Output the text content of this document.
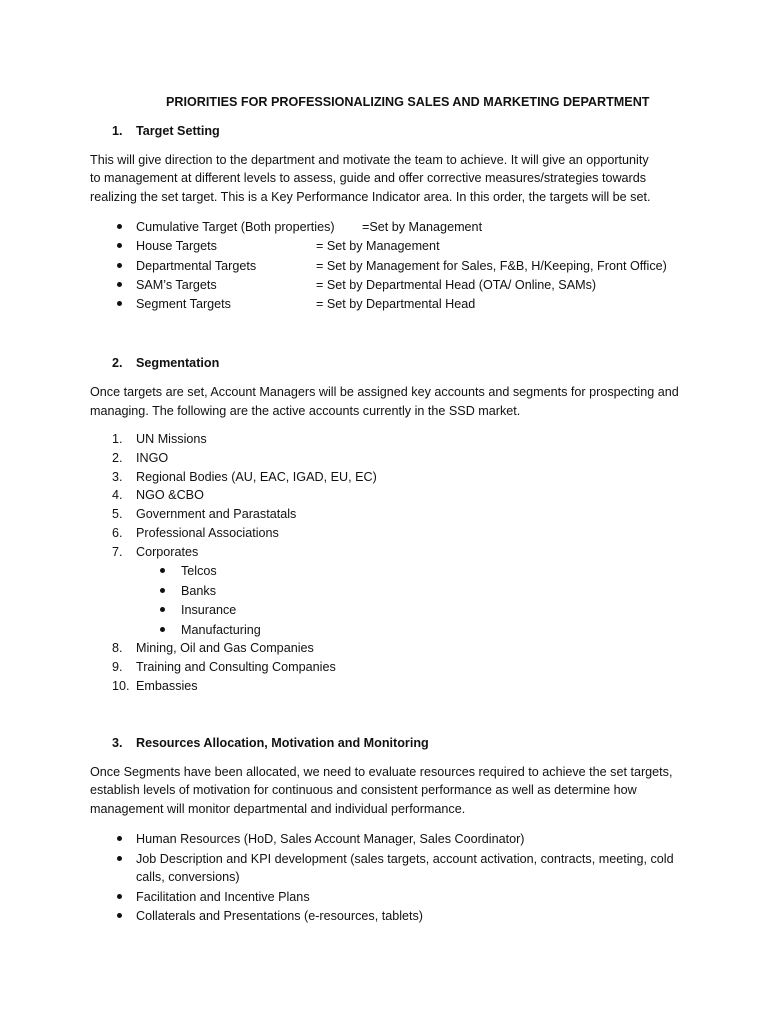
PRIORITIES FOR PROFESSIONALIZING SALES AND MARKETING DEPARTMENT
1. Target Setting
This will give direction to the department and motivate the team to achieve. It will give an opportunity
to management at different levels to assess, guide and offer corrective measures/strategies towards
realizing the set target. This is a Key Performance Indicator area. In this order, the targets will be set.
Cumulative Target (Both properties) =Set by Management
House Targets	= Set by Management
Departmental Targets	= Set by Management for Sales, F&B, H/Keeping, Front Office)
SAM’s Targets	= Set by Departmental Head (OTA/ Online, SAMs)
Segment Targets	= Set by Departmental Head
2. Segmentation
Once targets are set, Account Managers will be assigned key accounts and segments for prospecting and
managing. The following are the active accounts currently in the SSD market.
1. UN Missions
2. INGO
3. Regional Bodies (AU, EAC, IGAD, EU, EC)
4. NGO &CBO
5. Government and Parastatals
6. Professional Associations
7. Corporates
Telcos
Banks
Insurance
Manufacturing
8. Mining, Oil and Gas Companies
9. Training and Consulting Companies
10. Embassies
3. Resources Allocation, Motivation and Monitoring
Once Segments have been allocated, we need to evaluate resources required to achieve the set targets,
establish levels of motivation for continuous and consistent performance as well as determine how
management will monitor departmental and individual performance.
Human Resources (HoD, Sales Account Manager, Sales Coordinator)
Job Description and KPI development (sales targets, account activation, contracts, meeting, cold
calls, conversions)
Facilitation and Incentive Plans
Collaterals and Presentations (e-resources, tablets)
